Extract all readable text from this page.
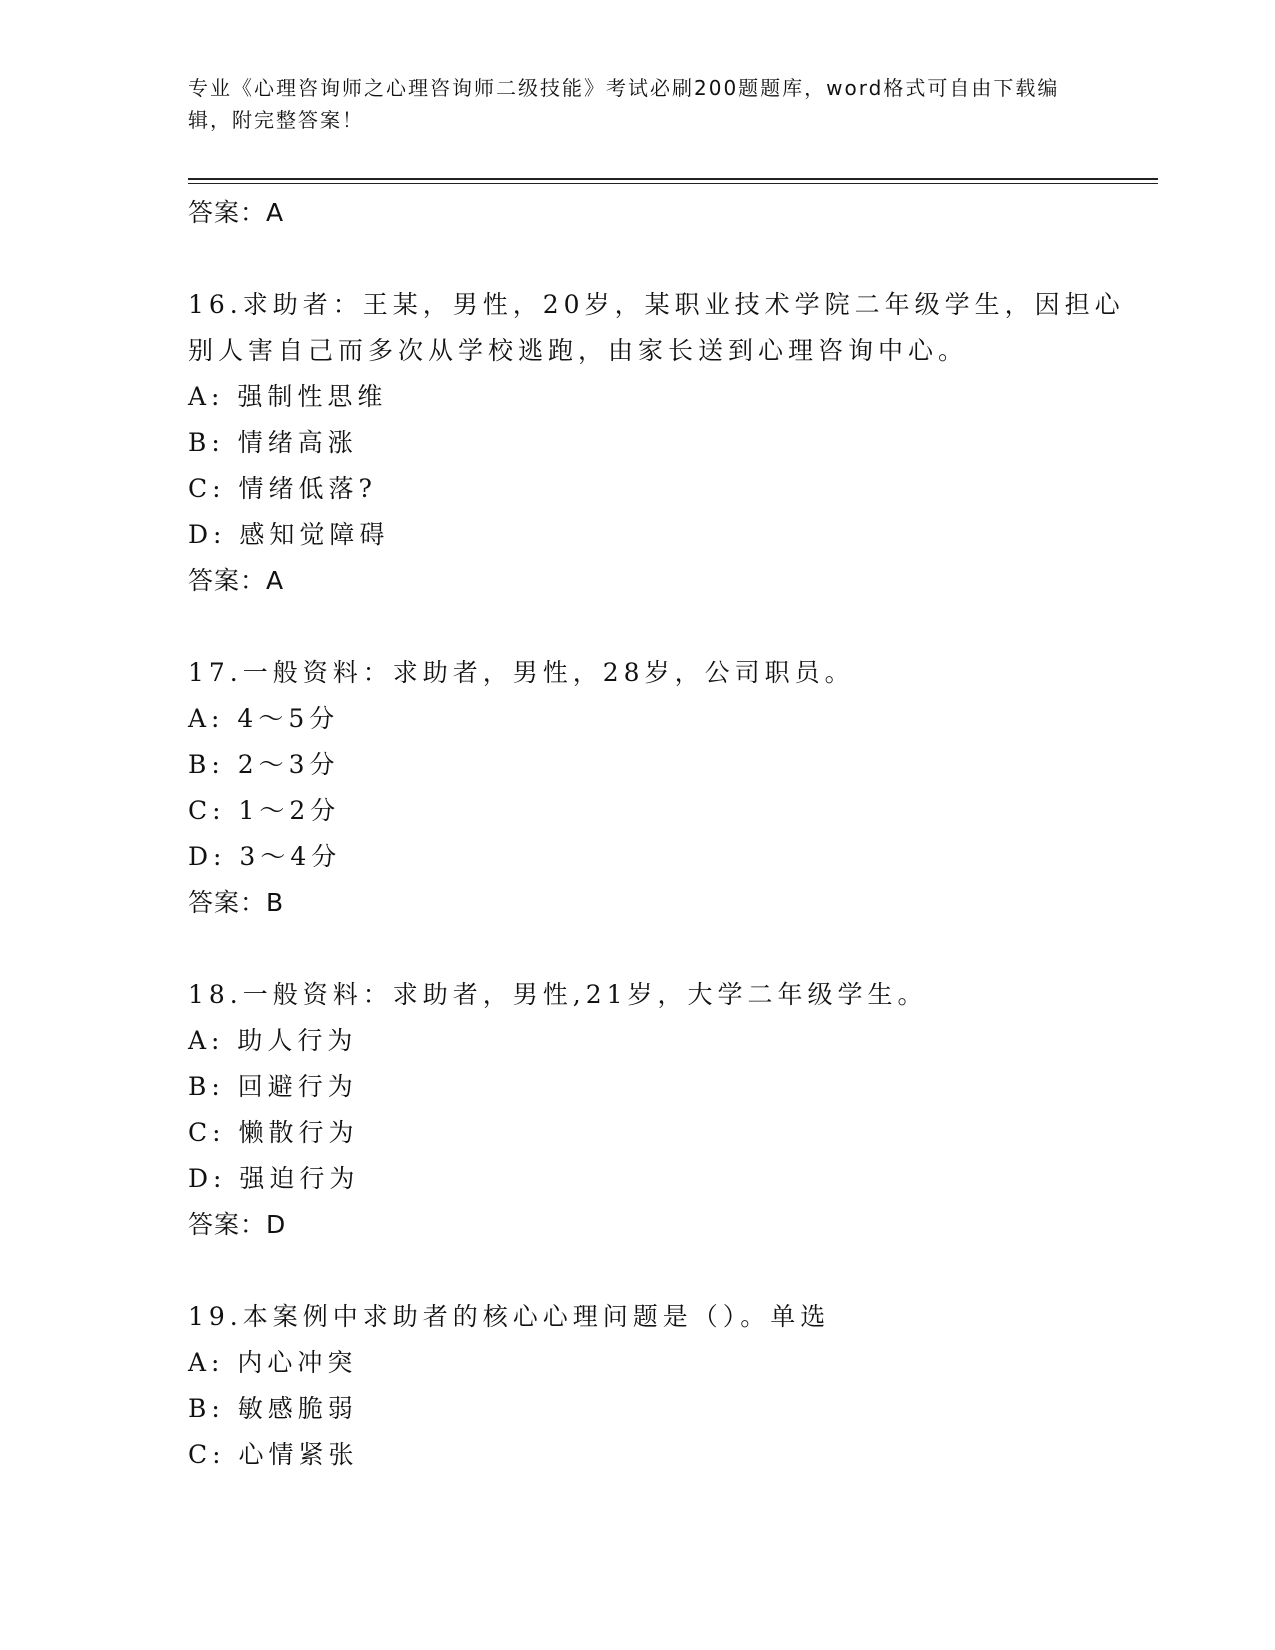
专业《心理咨询师之心理咨询师二级技能》考试必刷200题题库，word格式可自由下载编辑，附完整答案！
答案：A
16.求助者：王某，男性，20岁，某职业技术学院二年级学生，因担心
别人害自己而多次从学校逃跑，由家长送到心理咨询中心。
A: 强制性思维
B: 情绪高涨
C: 情绪低落?
D: 感知觉障碍
答案：A
17.一般资料：求助者，男性，28岁，公司职员。
A: 4～5分
B: 2～3分
C: 1～2分
D: 3～4分
答案：B
18.一般资料：求助者，男性,21岁，大学二年级学生。
A: 助人行为
B: 回避行为
C: 懒散行为
D: 强迫行为
答案：D
19.本案例中求助者的核心心理问题是（）。单选
A: 内心冲突
B: 敏感脆弱
C: 心情紧张
